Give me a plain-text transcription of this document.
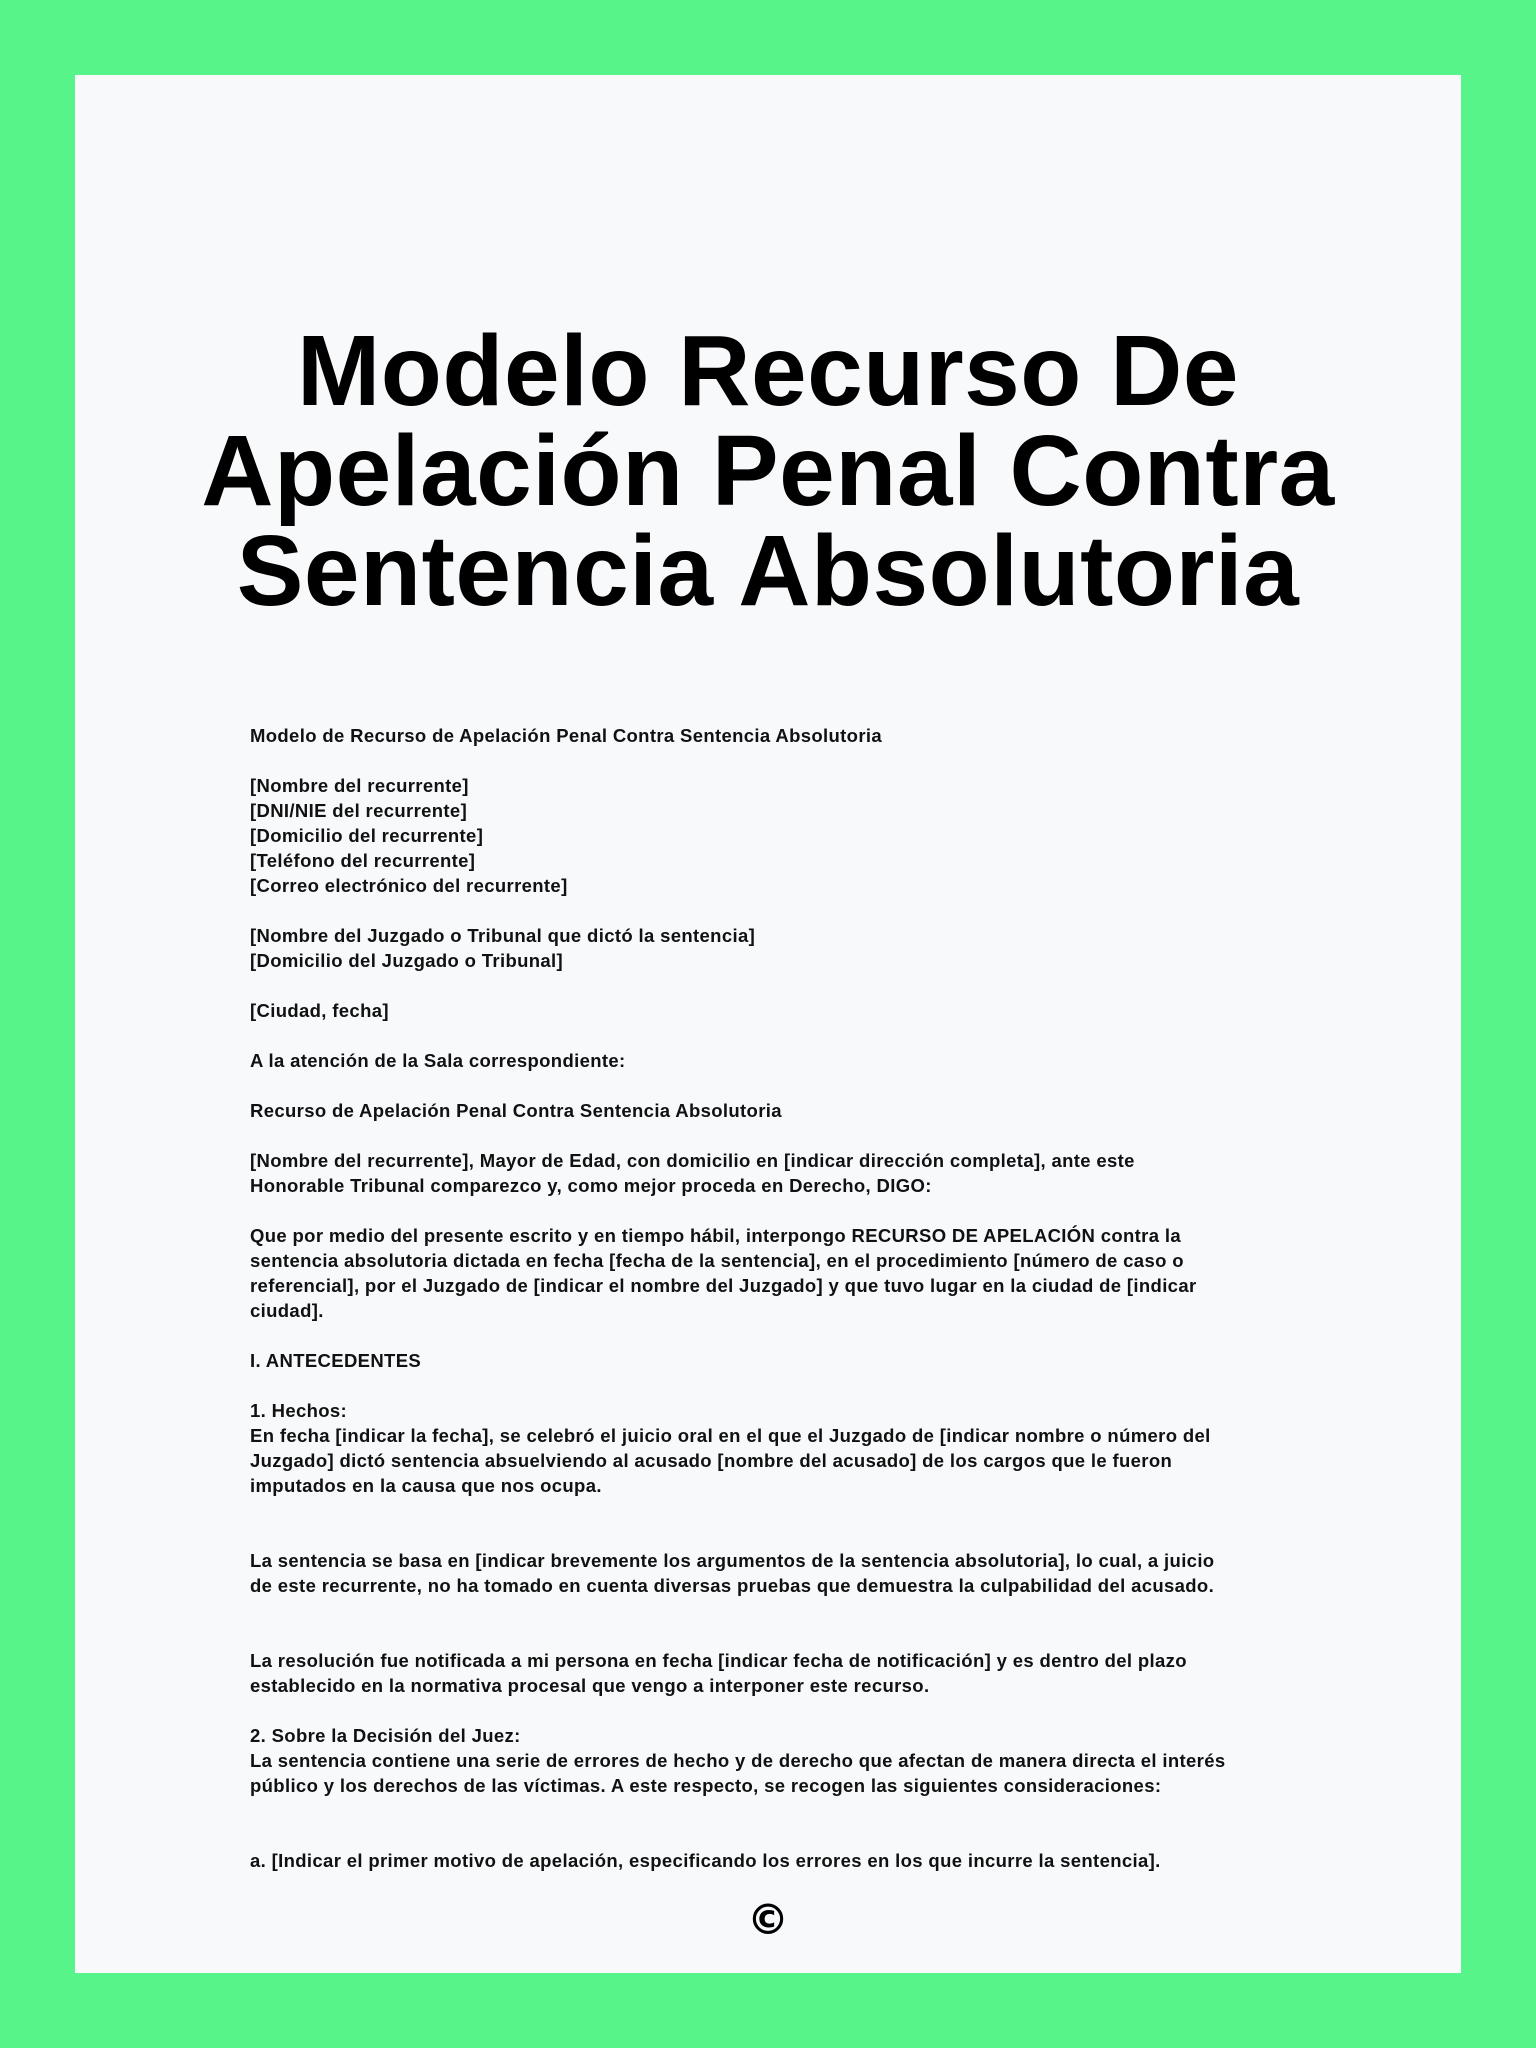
Modelo Recurso De
Apelación Penal Contra
Sentencia Absolutoria
Modelo de Recurso de Apelación Penal Contra Sentencia Absolutoria
[Nombre del recurrente]
[DNI/NIE del recurrente]
[Domicilio del recurrente]
[Teléfono del recurrente]
[Correo electrónico del recurrente]
[Nombre del Juzgado o Tribunal que dictó la sentencia]
[Domicilio del Juzgado o Tribunal]
[Ciudad, fecha]
A la atención de la Sala correspondiente:
Recurso de Apelación Penal Contra Sentencia Absolutoria
[Nombre del recurrente], Mayor de Edad, con domicilio en [indicar dirección completa], ante este
Honorable Tribunal comparezco y, como mejor proceda en Derecho, DIGO:
Que por medio del presente escrito y en tiempo hábil, interpongo RECURSO DE APELACIÓN contra la
sentencia absolutoria dictada en fecha [fecha de la sentencia], en el procedimiento [número de caso o
referencial], por el Juzgado de [indicar el nombre del Juzgado] y que tuvo lugar en la ciudad de [indicar
ciudad].
I. ANTECEDENTES
1. Hechos:
En fecha [indicar la fecha], se celebró el juicio oral en el que el Juzgado de [indicar nombre o número del
Juzgado] dictó sentencia absuelviendo al acusado [nombre del acusado] de los cargos que le fueron
imputados en la causa que nos ocupa.
La sentencia se basa en [indicar brevemente los argumentos de la sentencia absolutoria], lo cual, a juicio
de este recurrente, no ha tomado en cuenta diversas pruebas que demuestra la culpabilidad del acusado.
La resolución fue notificada a mi persona en fecha [indicar fecha de notificación] y es dentro del plazo
establecido en la normativa procesal que vengo a interponer este recurso.
2. Sobre la Decisión del Juez:
La sentencia contiene una serie de errores de hecho y de derecho que afectan de manera directa el interés
público y los derechos de las víctimas. A este respecto, se recogen las siguientes consideraciones:
a. [Indicar el primer motivo de apelación, especificando los errores en los que incurre la sentencia].
©
